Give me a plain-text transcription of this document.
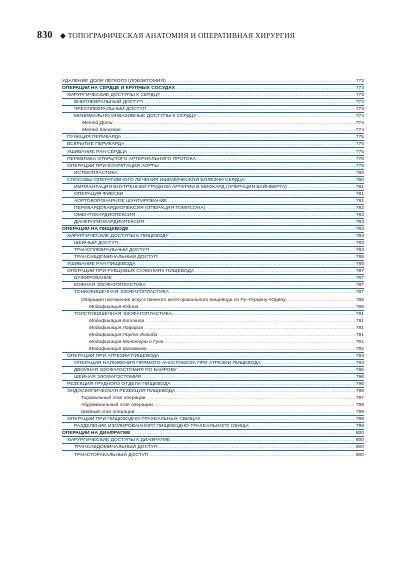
830 ◆ ТОПОГРАФИЧЕСКАЯ АНАТОМИЯ И ОПЕРАТИВНАЯ ХИРУРГИЯ
УДАЛЕНИЕ ДОЛИ ЛЁГКОГО (ЛОБЭКТОМИЯ) .....	773
ОПЕРАЦИИ НА СЕРДЦЕ И КРУПНЫХ СОСУДАХ .....	773
ХИРУРГИЧЕСКИЕ ДОСТУПЫ К СЕРДЦУ .....	773
ВНЕПЛЕВРАЛЬНЫЙ ДОСТУП .....	773
ЧРЕСПЛЕВРАЛЬНЫЙ ДОСТУП .....	774
МИНИМАЛЬНО ИНВАЗИВНЫЕ ДОСТУПЫ К СЕРДЦУ .....	774
Метод Доти .....	774
Метод Касегава .....	774
ПУНКЦИЯ ПЕРИКАРДА .....	775
ВСКРЫТИЕ ПЕРИКАРДА .....	775
УШИВАНИЕ РАН СЕРДЦА .....	776
ПЕРЕВЯЗКА ОТКРЫТОГО АРТЕРИАЛЬНОГО ПРОТОКА .....	778
ОПЕРАЦИИ ПРИ КОАРКТАЦИИ АОРТЫ .....	779
ИСТМОПЛАСТИКА .....	780
СПОСОБЫ ОПЕРАТИВНОГО ЛЕЧЕНИЯ ИШЕМИЧЕСКОЙ БОЛЕЗНИ СЕРДЦА .....	780
ИМПЛАНТАЦИЯ ВНУТРЕННЕЙ ГРУДНОЙ АРТЕРИИ В МИОКАРД (ОПЕРАЦИЯ ВАЙНБЕРГА) .....	781
ОПЕРАЦИЯ ФИЕСКИ .....	781
АОРТОКОРОНАРНОЕ ШУНТИРОВАНИЕ .....	781
ПЕРИКАРДОКАРДИОПЕКСИЯ (ОПЕРАЦИЯ ТОМПСОНА) .....	782
ОМЕНТОКАРДИОПЕКСИЯ .....	783
ДИАФРАГМОКАРДИОПЕКСИЯ .....	783
ОПЕРАЦИИ НА ПИЩЕВОДЕ .....	783
ХИРУРГИЧЕСКИЕ ДОСТУПЫ К ПИЩЕВОДУ .....	783
ШЕЙНЫЙ ДОСТУП .....	783
ТРАНСПЛЕВРАЛЬНЫЙ ДОСТУП .....	784
ТРАНСАБДОМИНАЛЬНЫЙ ДОСТУП .....	785
УШИВАНИЕ РАН ПИЩЕВОДА .....	785
ОПЕРАЦИИ ПРИ РУБЦОВЫХ СУЖЕНИЯХ ПИЩЕВОДА .....	787
БУЖИРОВАНИЕ .....	787
КОЖНАЯ ЭЗОФАГОПЛАСТИКА .....	787
ТОНКОКИШЕЧНАЯ ЭЗОФАГОПЛАСТИКА .....	787
Операция наложения искусственного антеторакального пищевода по Ру–Герцену–Юдину .....	789
Модификация Юдина .....	789
ТОЛСТОКИШЕЧНАЯ ЭЗОФАГОПЛАСТИКА .....	791
Модификация Киплинга .....	791
Модификация Лафарга .....	791
Модификация Лорта-Жакоба .....	791
Модификация Монтегрю и Гула .....	791
Модификация Шалимова .....	792
ОПЕРАЦИИ ПРИ АТРЕЗИИ ПИЩЕВОДА .....	793
ОПЕРАЦИЯ НАЛОЖЕНИЯ ПРЯМОГО АНАСТОМОЗА ПРИ АТРЕЗИИ ПИЩЕВОДА .....	794
ДВОЙНАЯ ЭЗОФАГОСТОМИЯ ПО БАЙРОВУ .....	795
ШЕЙНАЯ ЭЗОФАГОСТОМИЯ .....	796
РЕЗЕКЦИЯ ГРУДНОГО ОТДЕЛА ПИЩЕВОДА .....	796
ЭНДОСКОПИЧЕСКАЯ РЕЗЕКЦИЯ ПИЩЕВОДА .....	796
Торакальный этап операции .....	797
Абдоминальный этап операции .....	798
Шейный этап операции .....	799
ОПЕРАЦИИ ПРИ ПИЩЕВОДНО-ТРАХЕАЛЬНЫХ СВИЩАХ .....	799
РАЗДЕЛЕНИЕ ИЗОЛИРОВАННОГО ПИЩЕВОДНО-ТРАХЕАЛЬНОГО СВИЩА .....	799
ОПЕРАЦИИ НА ДИАФРАГМЕ .....	800
ХИРУРГИЧЕСКИЕ ДОСТУПЫ К ДИАФРАГМЕ .....	800
ТРАНСАБДОМИНАЛЬНЫЙ ДОСТУП .....	800
ТРАНСТОРАКАЛЬНЫЙ ДОСТУП .....	800
